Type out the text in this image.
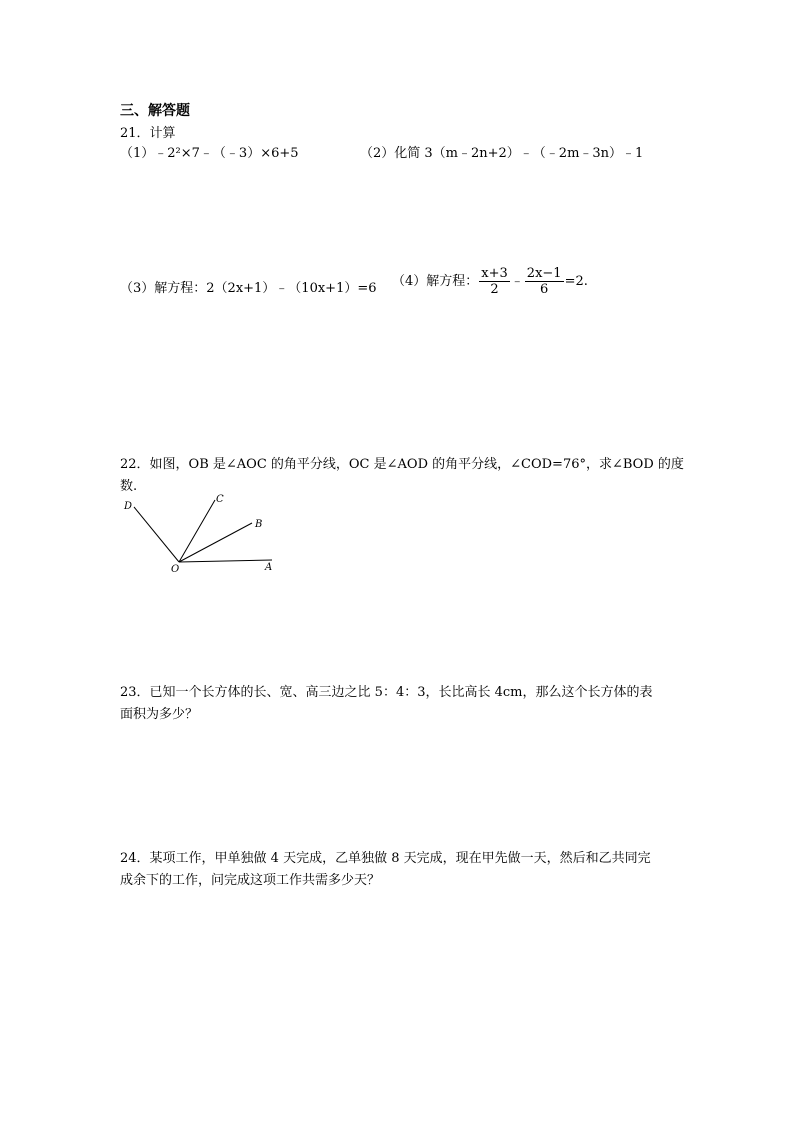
三、解答题
21．计算
（1）﹣2²×7﹣（﹣3）×6+5	（2）化简 3（m﹣2n+2）﹣（﹣2m﹣3n）﹣1
（3）解方程：2（2x+1）﹣（10x+1）=6 （4）解方程： $\frac{x+3}{2}$ ﹣ $\frac{2x-1}{6} =2$.
22．如图，OB 是∠AOC 的角平分线，OC 是∠AOD 的角平分线，∠COD=76°，求∠BOD 的度
数.
D
C
B
O	A
23．已知一个长方体的长、宽、高三边之比 5：4：3，长比高长 4cm，那么这个长方体的表
面积为多少？
24．某项工作，甲单独做 4 天完成，乙单独做 8 天完成，现在甲先做一天，然后和乙共同完
成余下的工作，问完成这项工作共需多少天？
